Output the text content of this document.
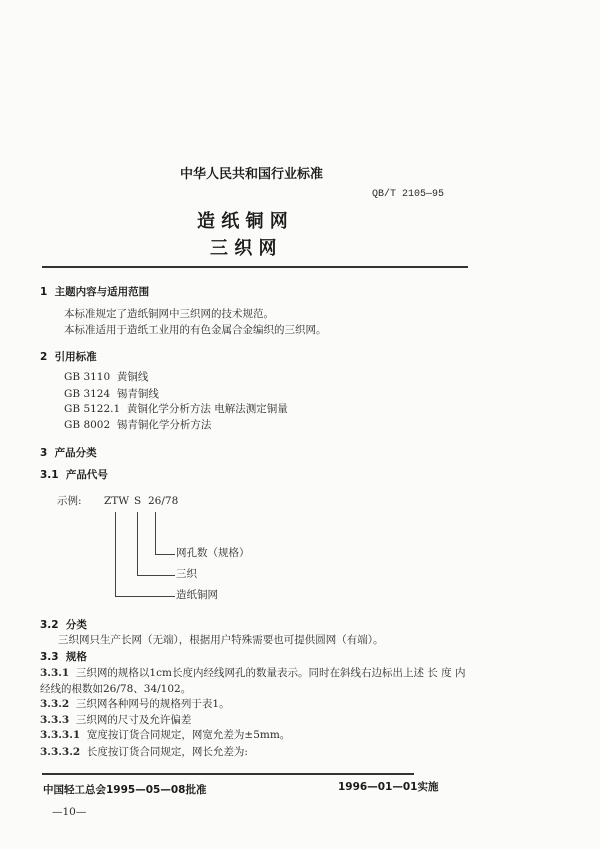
中华人民共和国行业标准
QB/T 2105—95
造 纸 铜 网
三 织 网
1 主题内容与适用范围
本标准规定了造纸铜网中三织网的技术规范。
本标准适用于造纸工业用的有色金属合金编织的三织网。
2 引用标准
GB 3110 黄铜线
GB 3124 锡青铜线
GB 5122.1 黄铜化学分析方法 电解法测定铜量
GB 8002 锡青铜化学分析方法
3 产品分类
3.1 产品代号
示例: ZTW S 26/78
网孔数（规格）
三织
造纸铜网
3.2 分类
三织网只生产长网（无端），根据用户特殊需要也可提供圆网（有端）。
3.3 规格
3.3.1 三织网的规格以1cm长度内经线网孔的数量表示。同时在斜线右边标出上述 长 度 内
经线的根数如26/78、34/102。
3.3.2 三织网各种网号的规格列于表1。
3.3.3 三织网的尺寸及允许偏差
3.3.3.1 宽度按订货合同规定，网宽允差为±5mm。
3.3.3.2 长度按订货合同规定，网长允差为:
中国轻工总会1995—05—08批准	1996—01—01实施
—10—
